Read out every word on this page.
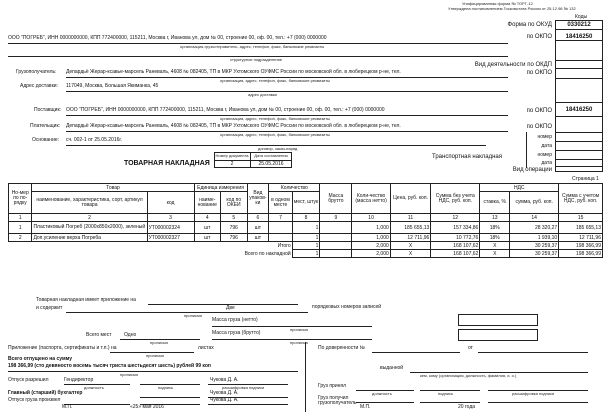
Унифицированная форма № ТОРГ-12
Утверждена постановлением Госкомстата России от 25.12.98 № 132
Коды
0330212
Форма по ОКУД
18416250
по ОКПО
Вид деятельности по ОКДП
по ОКПО
18416250
по ОКПО
по ОКПО
номер
дата
номер
дата
Вид операции
ООО "ПОГРЕБ", ИНН 0000000000, КПП 772400000, 115211, Москва г, Иванова ул, дом № 00, строение 00, оф. 00, тел.: +7 (000) 0000000
организация-грузоотправитель, адрес, телефон, факс, банковские реквизиты
структурное подразделение
Грузополучатель: Депардьё Жерар-ксавье-марсель Раневаль, 4608 № 082405, ТП в МКР Ухтомского ОУФМС России по московской обл. в люберецком р-не, тел.
организация, адрес, телефон, факс, банковские реквизиты
Адрес доставки: 117049, Москва, Большая Якиманка, 45
адрес доставки
Поставщик: ООО "ПОГРЕБ", ИНН 0000000000, КПП 772400000, 115211, Москва г, Иванова ул, дом № 00, строение 00, оф. 00, тел.: +7 (000) 0000000
организация, адрес, телефон, факс, банковские реквизиты
Плательщик: Депардьё Жерар-ксавье-марсель Раневаль, 4608 № 082405, ТП в МКР Ухтомского ОУФМС России по московской обл. в люберецком р-не, тел.
организация, адрес, телефон, факс, банковские реквизиты
Основание: сч. 002-1 от 25.05.2016г.
договор, заказ-наряд
Номер документа	Дата составления
2	25.05.2016
ТОВАРНАЯ НАКЛАДНАЯ
Транспортная накладная
Страница 1
Но-мер по по-рядку	Товар		Единица измерения		Вид упаков-ки	Количество		Масса брутто	Коли-чество (масса нетто)	Цена, руб. коп.	Сумма без учета НДС, руб. коп.	НДС		Сумма с учетом НДС, руб. коп.
	наименование, характеристика, сорт, артикул товара	код	наиме-нование	код по ОКЕИ		в одном месте	мест, штук					ставка, %	сумма, руб. коп.	
1	2	3	4	5	6	7	8	9	10	11	12	13	14	15
1	Пластиковый Погреб (2000x850x2000), зеленый	УТ000002324	шт	796	шт		1		1,000	185 655,13	157 334,86	18%	28 320,27	185 655,13
2	Доп.усиление верха Погреба	УТ000002327	шт	796	шт		1		1,000	12 711,96	10 772,76	18%	1 939,10	12 711,96
Итого							1		2,000	X	168 107,62	X	30 259,37	198 366,99
Всего по накладной							1		2,000	X	168 107,62	X	30 259,37	198 366,99
Товарная накладная имеет приложение на
и содержит	Две	порядковых номеров записей
прописью
Масса груза (нетто)
прописью
Всего мест Одно
прописью
Масса груза (брутто)
прописью
Приложение (паспорта, сертификаты и т.п.) на	листах
прописью
Всего отпущено на сумму
198 366,99 (сто девяносто восемь тысяч триста шестьдесят шесть) рублей 99 коп
прописью
Отпуск разрешил	Гендиректор	Чукова Д. А.
должность	подпись	расшифровка подписи
Главный (старший) бухгалтер	Чукова Д. А.
Отпуск груза произвел	Чукова Д. А.
М.П.	«25» мая 2016
По доверенности №	от
выданной
кем, кому (организация, должность, фамилия, и. о.)
Груз принял
должность	подпись	расшифровка подписи
Груз получил грузополучатель
М.П.	20 года
